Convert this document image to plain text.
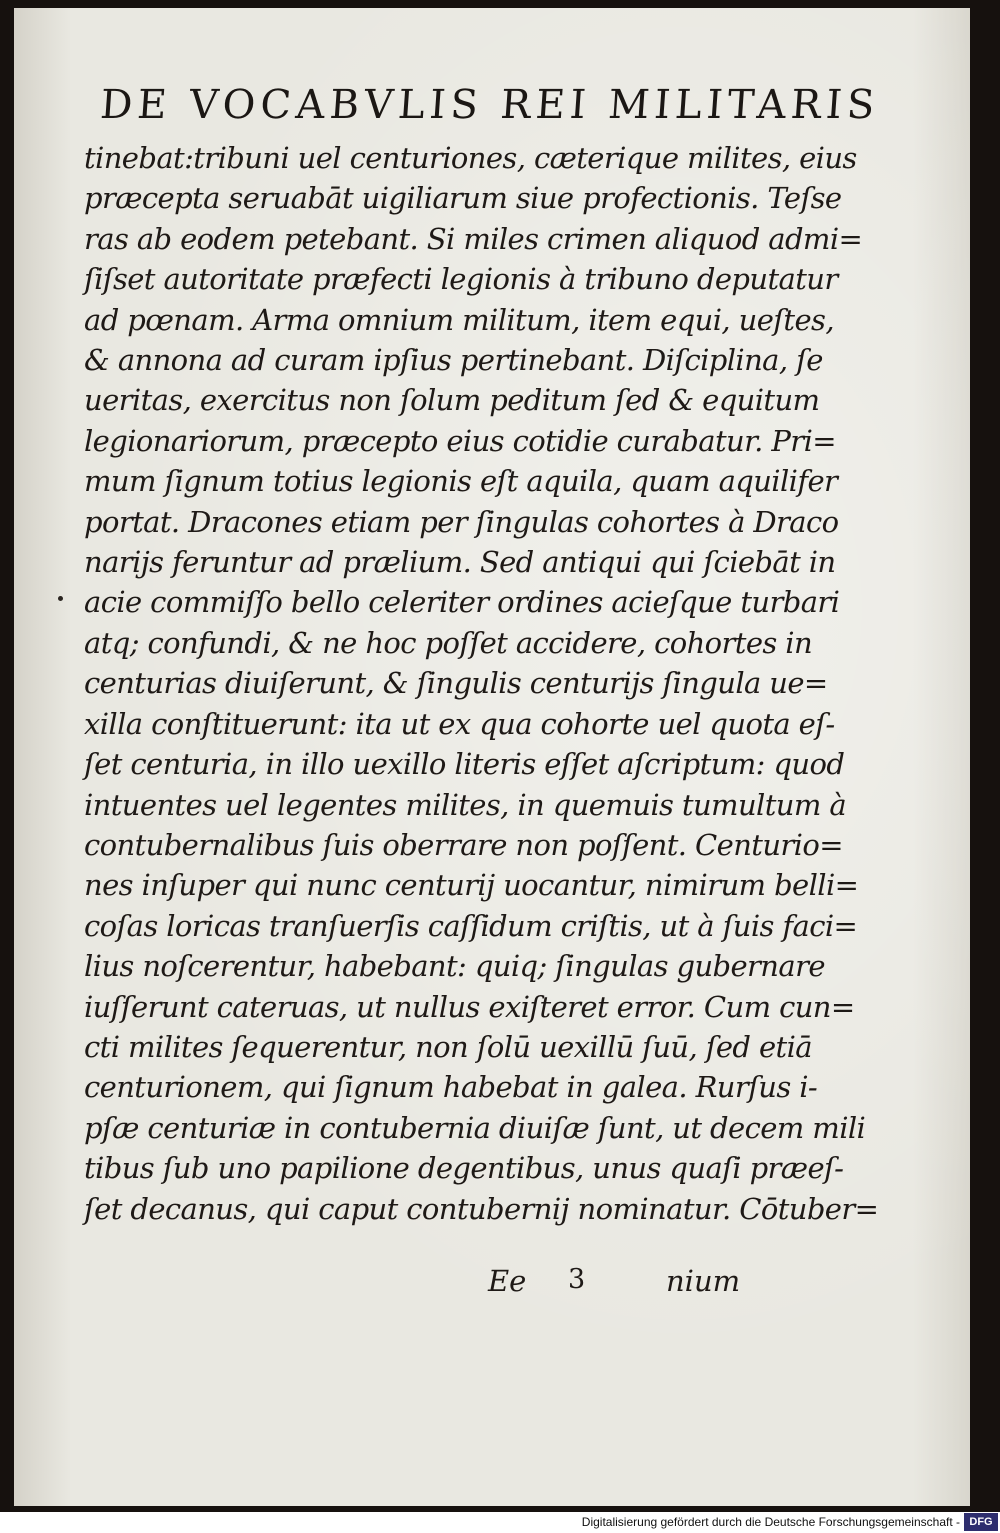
DE VOCABVLIS REI MILITARIS
tinebat:tribuni uel centuriones, cæterique milites, eius
præcepta seruabāt uigiliarum siue profectionis. Teſse
ras ab eodem petebant. Si miles crimen aliquod admi=
ſiſset autoritate præfecti legionis à tribuno deputatur
ad pœnam. Arma omnium militum, item equi, ueſtes,
& annona ad curam ipſius pertinebant. Diſciplina, ſe
ueritas, exercitus non ſolum peditum ſed & equitum
legionariorum, præcepto eius cotidie curabatur. Pri=
mum ſignum totius legionis eſt aquila, quam aquilifer
portat. Dracones etiam per ſingulas cohortes à Draco
narijs feruntur ad prælium. Sed antiqui qui ſciebāt in
acie commiſſo bello celeriter ordines acieſque turbari
atq; confundi, & ne hoc poſſet accidere, cohortes in
centurias diuiſerunt, & ſingulis centurijs ſingula ue=
xilla conſtituerunt: ita ut ex qua cohorte uel quota eſ-
ſet centuria, in illo uexillo literis eſſet aſcriptum: quod
intuentes uel legentes milites, in quemuis tumultum à
contubernalibus ſuis oberrare non poſſent. Centurio=
nes inſuper qui nunc centurij uocantur, nimirum belli=
coſas loricas tranſuerſis caſſidum criſtis, ut à ſuis faci=
lius noſcerentur, habebant: quiq; ſingulas gubernare
iuſſerunt cateruas, ut nullus exiſteret error. Cum cun=
cti milites ſequerentur, non ſolū uexillū ſuū, ſed etiā
centurionem, qui ſignum habebat in galea. Rurſus i-
pſæ centuriæ in contubernia diuiſæ ſunt, ut decem mili
tibus ſub uno papilione degentibus, unus quaſi præeſ-
ſet decanus, qui caput contubernij nominatur. Cōtuber=
Ee 3	nium
Digitalisierung gefördert durch die Deutsche Forschungsgemeinschaft - DFG
